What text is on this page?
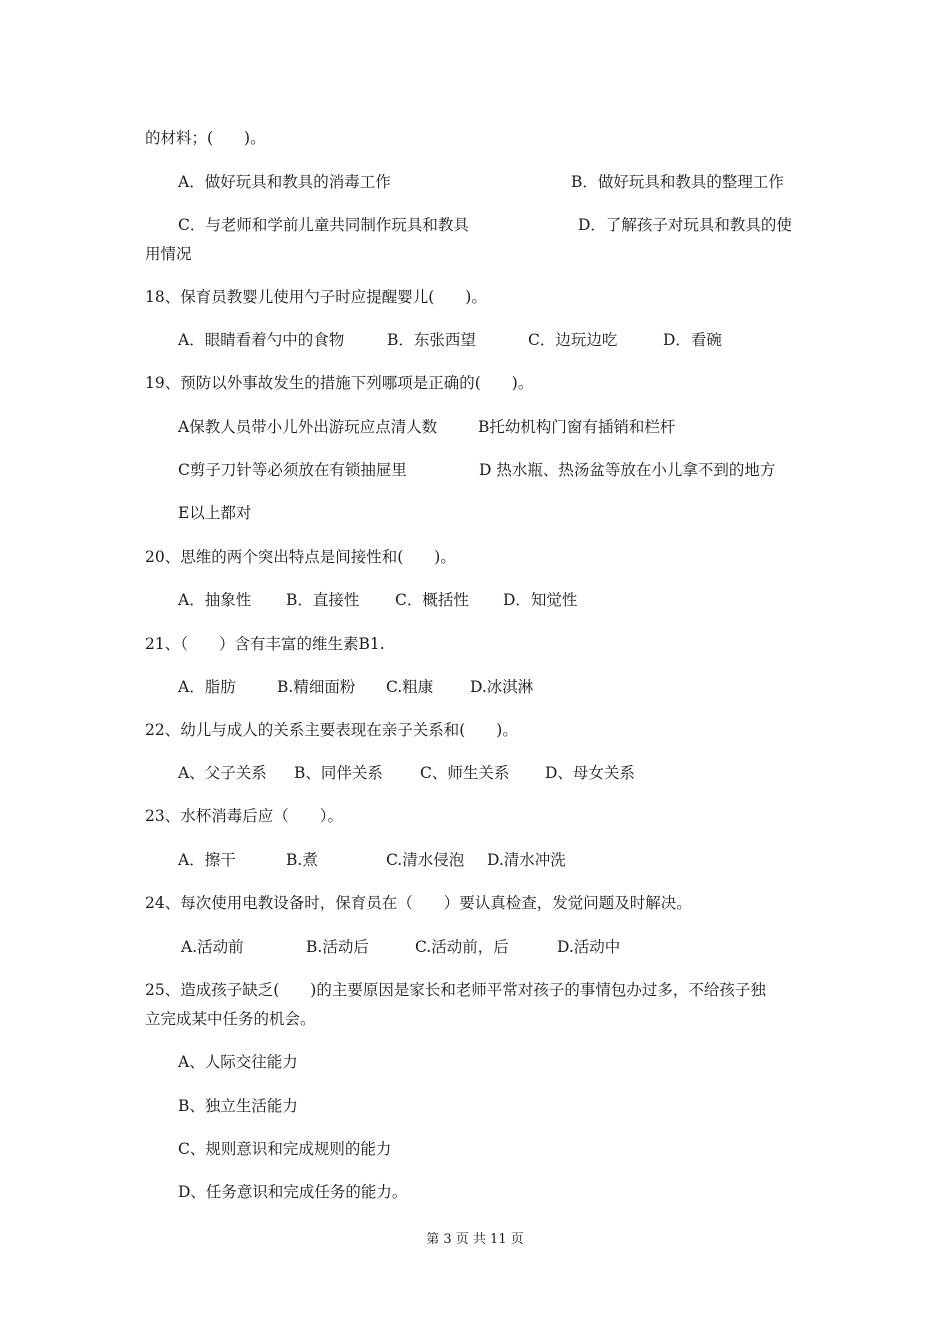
的材料；(　　)。
A．做好玩具和教具的消毒工作	B．做好玩具和教具的整理工作
C．与老师和学前儿童共同制作玩具和教具	D．了解孩子对玩具和教具的使
用情况
18、保育员教婴儿使用勺子时应提醒婴儿(　　)。
A．眼睛看着勺中的食物	B．东张西望	C．边玩边吃	D．看碗
19、预防以外事故发生的措施下列哪项是正确的(　　)。
A保教人员带小儿外出游玩应点清人数	B托幼机构门窗有插销和栏杆
C剪子刀针等必须放在有锁抽屉里	D 热水瓶、热汤盆等放在小儿拿不到的地方
E以上都对
20、思维的两个突出特点是间接性和(　　)。
A．抽象性 B．直接性 C．概括性 D．知觉性
21、（　　）含有丰富的维生素B1.
A．脂肪	B.精细面粉 C.粗康 D.冰淇淋
22、幼儿与成人的关系主要表现在亲子关系和(　　)。
A、父子关系 B、同伴关系 C、师生关系 D、母女关系
23、水杯消毒后应（　　）。
A．擦干	B.煮	C.清水侵泡 D.清水冲洗
24、每次使用电教设备时，保育员在（　　）要认真检查，发觉问题及时解决。
A.活动前	B.活动后	C.活动前，后	D.活动中
25、造成孩子缺乏(　　)的主要原因是家长和老师平常对孩子的事情包办过多，不给孩子独
立完成某中任务的机会。
A、人际交往能力
B、独立生活能力
C、规则意识和完成规则的能力
D、任务意识和完成任务的能力。
第 3 页 共 11 页
